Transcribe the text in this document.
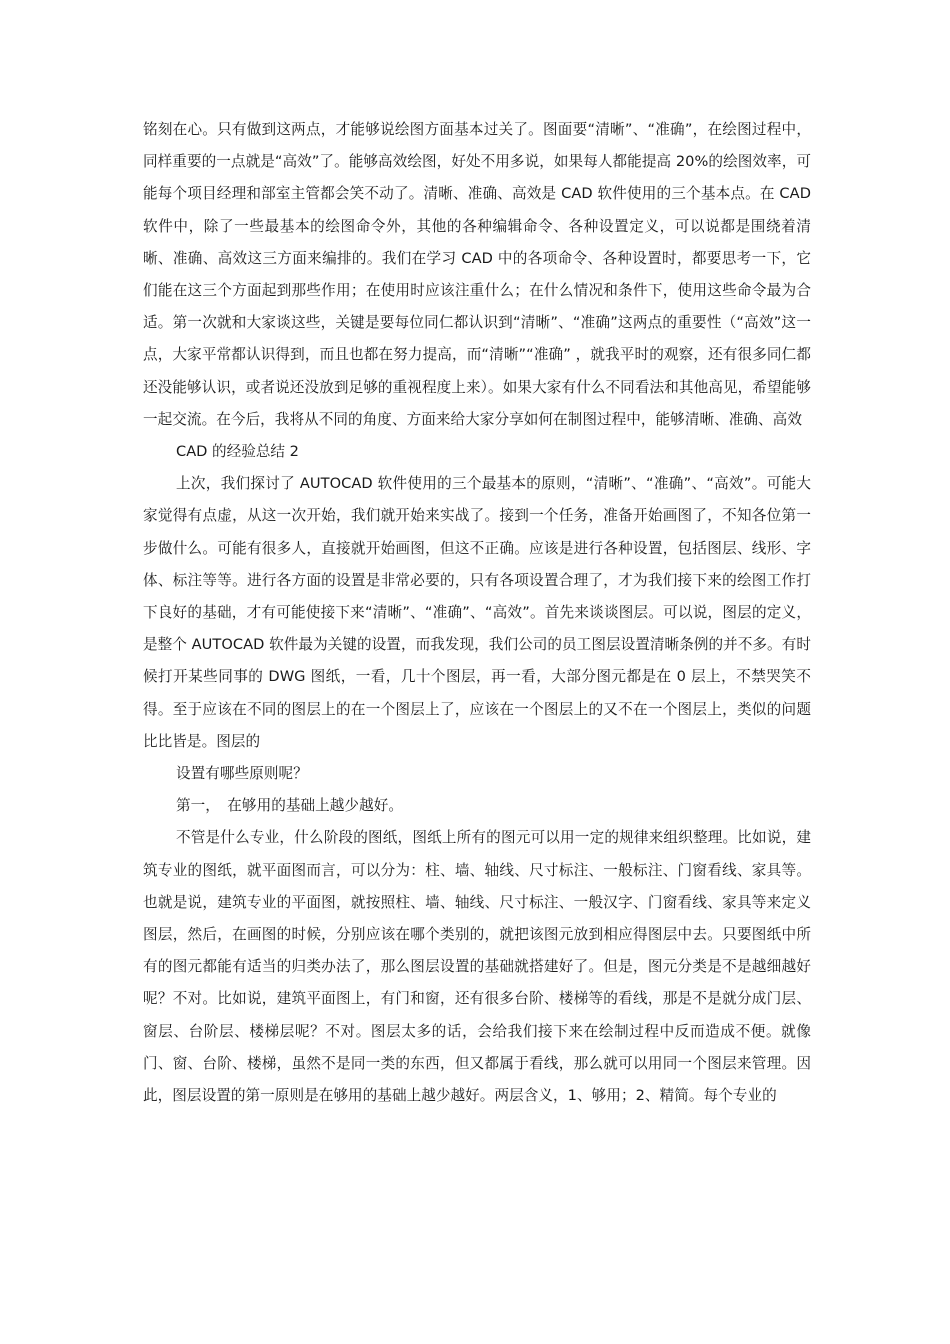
铭刻在心。只有做到这两点，才能够说绘图方面基本过关了。图面要“清晰”、“准确”，在绘图过程中，同样重要的一点就是“高效”了。能够高效绘图，好处不用多说，如果每人都能提高 20%的绘图效率，可能每个项目经理和部室主管都会笑不动了。清晰、准确、高效是 CAD 软件使用的三个基本点。在 CAD 软件中，除了一些最基本的绘图命令外，其他的各种编辑命令、各种设置定义，可以说都是围绕着清晰、准确、高效这三方面来编排的。我们在学习 CAD 中的各项命令、各种设置时，都要思考一下，它们能在这三个方面起到那些作用；在使用时应该注重什么；在什么情况和条件下，使用这些命令最为合适。第一次就和大家谈这些，关键是要每位同仁都认识到“清晰”、“准确”这两点的重要性（“高效”这一点，大家平常都认识得到，而且也都在努力提高，而“清晰”“准确” ，就我平时的观察，还有很多同仁都还没能够认识，或者说还没放到足够的重视程度上来）。如果大家有什么不同看法和其他高见，希望能够一起交流。在今后，我将从不同的角度、方面来给大家分享如何在制图过程中，能够清晰、准确、高效

CAD 的经验总结 2

上次，我们探讨了 AUTOCAD 软件使用的三个最基本的原则，“清晰”、“准确”、“高效”。可能大家觉得有点虚，从这一次开始，我们就开始来实战了。接到一个任务，准备开始画图了，不知各位第一步做什么。可能有很多人，直接就开始画图，但这不正确。应该是进行各种设置，包括图层、线形、字体、标注等等。进行各方面的设置是非常必要的，只有各项设置合理了，才为我们接下来的绘图工作打下良好的基础，才有可能使接下来“清晰”、“准确”、“高效”。首先来谈谈图层。可以说，图层的定义，是整个 AUTOCAD 软件最为关键的设置，而我发现，我们公司的员工图层设置清晰条例的并不多。有时候打开某些同事的 DWG 图纸，一看，几十个图层，再一看，大部分图元都是在 0 层上，不禁哭笑不得。至于应该在不同的图层上的在一个图层上了，应该在一个图层上的又不在一个图层上，类似的问题比比皆是。图层的

设置有哪些原则呢？

第一，　在够用的基础上越少越好。

不管是什么专业，什么阶段的图纸，图纸上所有的图元可以用一定的规律来组织整理。比如说，建筑专业的图纸，就平面图而言，可以分为：柱、墙、轴线、尺寸标注、一般标注、门窗看线、家具等。也就是说，建筑专业的平面图，就按照柱、墙、轴线、尺寸标注、一般汉字、门窗看线、家具等来定义图层，然后，在画图的时候，分别应该在哪个类别的，就把该图元放到相应得图层中去。只要图纸中所有的图元都能有适当的归类办法了，那么图层设置的基础就搭建好了。但是，图元分类是不是越细越好呢？不对。比如说，建筑平面图上，有门和窗，还有很多台阶、楼梯等的看线，那是不是就分成门层、窗层、台阶层、楼梯层呢？不对。图层太多的话，会给我们接下来在绘制过程中反而造成不便。就像门、窗、台阶、楼梯，虽然不是同一类的东西，但又都属于看线，那么就可以用同一个图层来管理。因此，图层设置的第一原则是在够用的基础上越少越好。两层含义，1、够用；2、精简。每个专业的
